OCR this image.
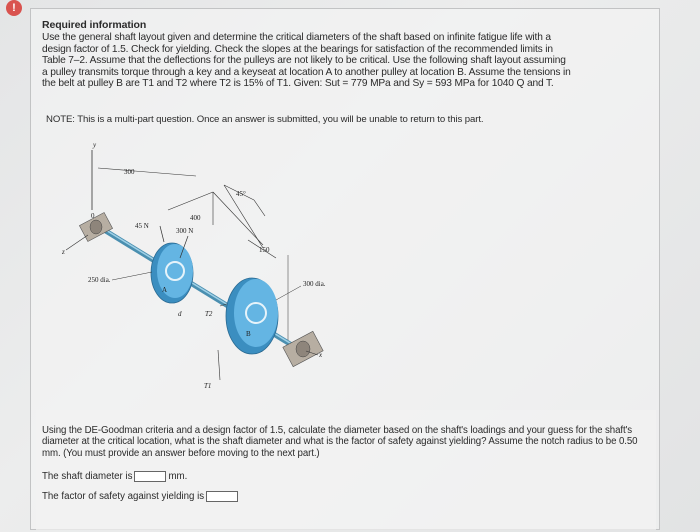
!
Required information
Use the general shaft layout given and determine the critical diameters of the shaft based on infinite fatigue life with a
design factor of 1.5. Check for yielding. Check the slopes at the bearings for satisfaction of the recommended limits in
Table 7–2. Assume that the deflections for the pulleys are not likely to be critical. Use the following shaft layout assuming
a pulley transmits torque through a key and a keyseat at location A to another pulley at location B. Assume the tensions in
the belt at pulley B are T1 and T2 where T2 is 15% of T1. Given: Sut = 779 MPa and Sy = 593 MPa for 1040 Q and T.
NOTE: This is a multi-part question. Once an answer is submitted, you will be unable to return to this part.
y
300
400
45°
150
0
z
A
250 dia.
45 N
300 N
d	T2
B
300 dia.
T1
x
Using the DE-Goodman criteria and a design factor of 1.5, calculate the diameter based on the shaft's loadings and your guess for the shaft's diameter at the critical location, what is the shaft diameter and what is the factor of safety against yielding? Assume the notch radius to be 0.50 mm. (You must provide an answer before moving to the next part.)
The shaft diameter is	mm.
The factor of safety against yielding is
